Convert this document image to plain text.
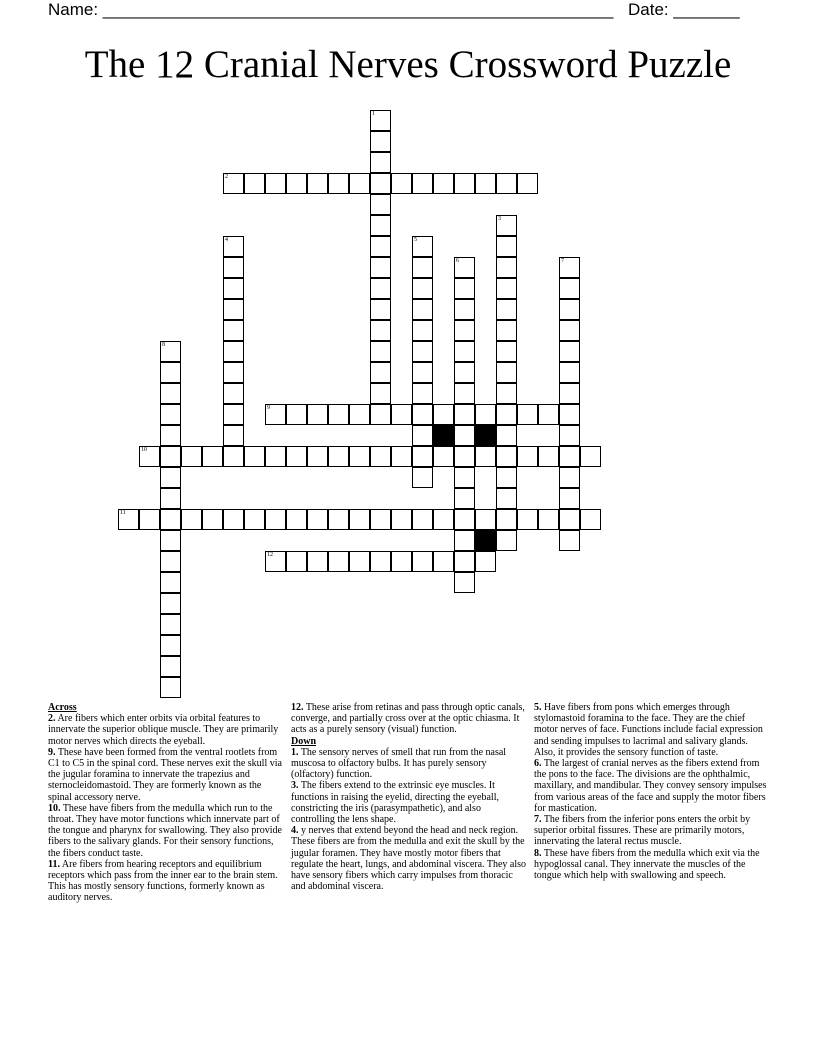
Name: ______________________________________________________ Date: _______
The 12 Cranial Nerves Crossword Puzzle
1
2
3
4	5
6	7
8
9
10
11
12
Across

2. Are fibers which enter orbits via orbital features to innervate the superior oblique muscle. They are primarily motor nerves which directs the eyeball.

9. These have been formed from the ventral rootlets from C1 to C5 in the spinal cord. These nerves exit the skull via the jugular foramina to innervate the trapezius and sternocleidomastoid. They are formerly known as the spinal accessory nerve.

10. These have fibers from the medulla which run to the throat. They have motor functions which innervate part of the tongue and pharynx for swallowing. They also provide fibers to the salivary glands. For their sensory functions, the fibers conduct taste.

11. Are fibers from hearing receptors and equilibrium receptors which pass from the inner ear to the brain stem. This has mostly sensory functions, formerly known as auditory nerves.

12. These arise from retinas and pass through optic canals, converge, and partially cross over at the optic chiasma. It acts as a purely sensory (visual) function.

Down

1. The sensory nerves of smell that run from the nasal muscosa to olfactory bulbs. It has purely sensory (olfactory) function.

3. The fibers extend to the extrinsic eye muscles. It functions in raising the eyelid, directing the eyeball, constricting the iris (parasympathetic), and also controlling the lens shape.

4. y nerves that extend beyond the head and neck region. These fibers are from the medulla and exit the skull by the jugular foramen. They have mostly motor fibers that regulate the heart, lungs, and abdominal viscera. They also have sensory fibers which carry impulses from thoracic and abdominal viscera.

5. Have fibers from pons which emerges through stylomastoid foramina to the face. They are the chief motor nerves of face. Functions include facial expression and sending impulses to lacrimal and salivary glands. Also, it provides the sensory function of taste.

6. The largest of cranial nerves as the fibers extend from the pons to the face. The divisions are the ophthalmic, maxillary, and mandibular. They convey sensory impulses from various areas of the face and supply the motor fibers for mastication.

7. The fibers from the inferior pons enters the orbit by superior orbital fissures. These are primarily motors, innervating the lateral rectus muscle.

8. These have fibers from the medulla which exit via the hypoglossal canal. They innervate the muscles of the tongue which help with swallowing and speech.
